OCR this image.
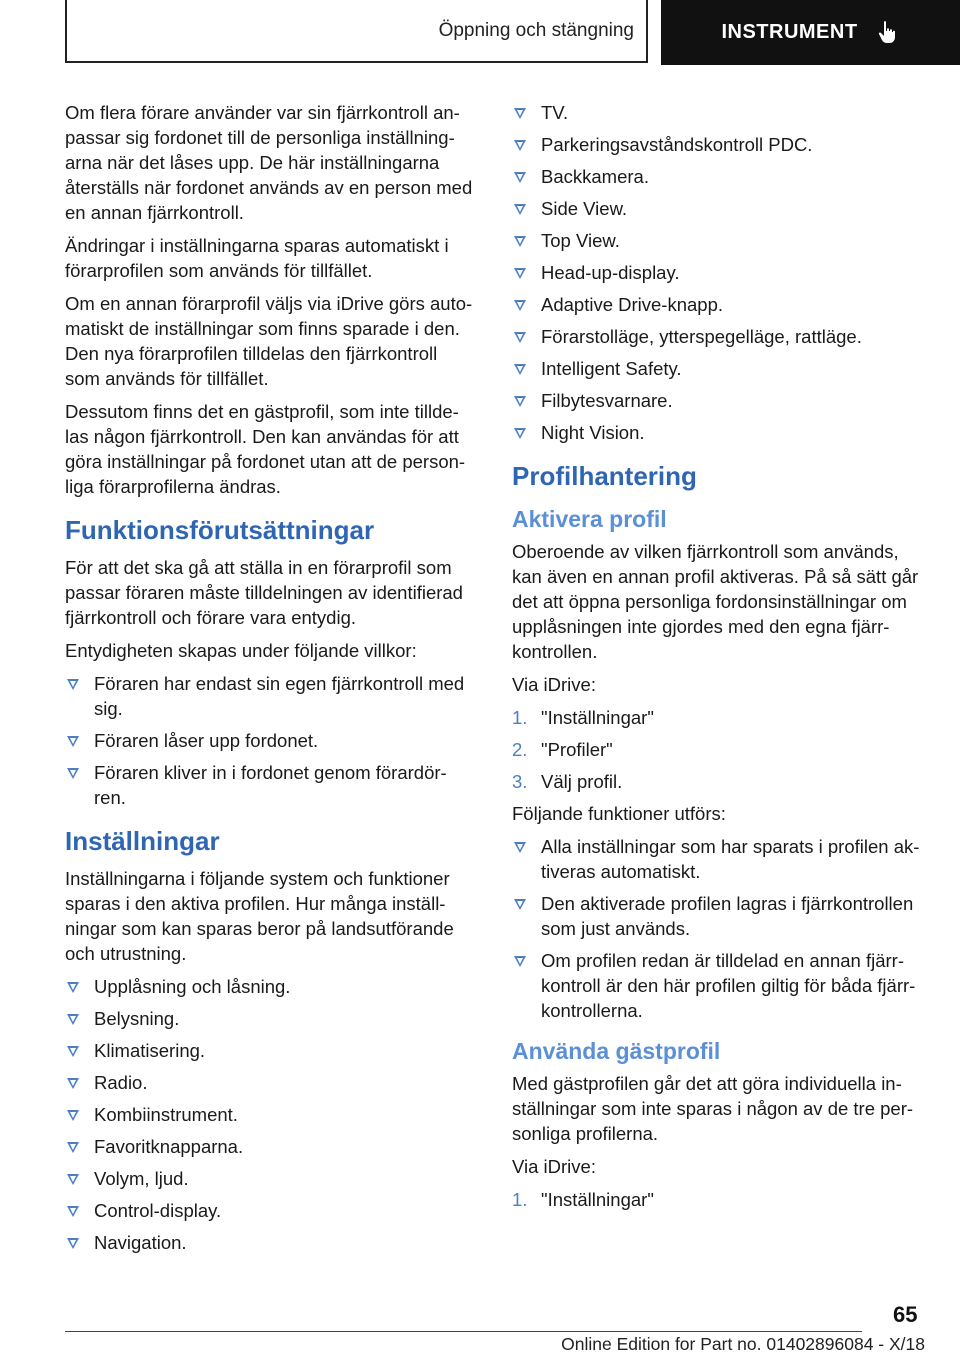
Öppning och stängning	INSTRUMENT

Om flera förare använder var sin fjärrkontroll an‐ passar sig fordonet till de personliga inställning‐ arna när det låses upp. De här inställningarna återställs när fordonet används av en person med en annan fjärrkontroll.

Ändringar i inställningarna sparas automatiskt i förarprofilen som används för tillfället.

Om en annan förarprofil väljs via iDrive görs auto‐ matiskt de inställningar som finns sparade i den. Den nya förarprofilen tilldelas den fjärrkontroll som används för tillfället.

Dessutom finns det en gästprofil, som inte tillde‐ las någon fjärrkontroll. Den kan användas för att göra inställningar på fordonet utan att de person‐ liga förarprofilerna ändras.

Funktionsförutsättningar

För att det ska gå att ställa in en förarprofil som passar föraren måste tilldelningen av identifierad fjärrkontroll och förare vara entydig.

Entydigheten skapas under följande villkor:

Föraren har endast sin egen fjärrkontroll med sig.
Föraren låser upp fordonet.
Föraren kliver in i fordonet genom förardör‐ ren.
Inställningar

Inställningarna i följande system och funktioner sparas i den aktiva profilen. Hur många inställ‐ ningar som kan sparas beror på landsutförande och utrustning.

Upplåsning och låsning.
Belysning.
Klimatisering.
Radio.
Kombiinstrument.
Favoritknapparna.
Volym, ljud.
Control-display.
Navigation.
TV.
Parkeringsavståndskontroll PDC.
Backkamera.
Side View.
Top View.
Head-up-display.
Adaptive Drive-knapp.
Förarstolläge, ytterspegelläge, rattläge.
Intelligent Safety.
Filbytesvarnare.
Night Vision.
Profilhantering
Aktivera profil

Oberoende av vilken fjärrkontroll som används, kan även en annan profil aktiveras. På så sätt går det att öppna personliga fordonsinställningar om upplåsningen inte gjordes med den egna fjärr‐ kontrollen.

Via iDrive:

1. "Inställningar"
2. "Profiler"
3. Välj profil.

Följande funktioner utförs:

Alla inställningar som har sparats i profilen ak‐ tiveras automatiskt.
Den aktiverade profilen lagras i fjärrkontrollen som just används.
Om profilen redan är tilldelad en annan fjärr‐ kontroll är den här profilen giltig för båda fjärr‐ kontrollerna.
Använda gästprofil

Med gästprofilen går det att göra individuella in‐ ställningar som inte sparas i någon av de tre per‐ sonliga profilerna.

Via iDrive:

1. "Inställningar"
65
Online Edition for Part no. 01402896084 - X/18
